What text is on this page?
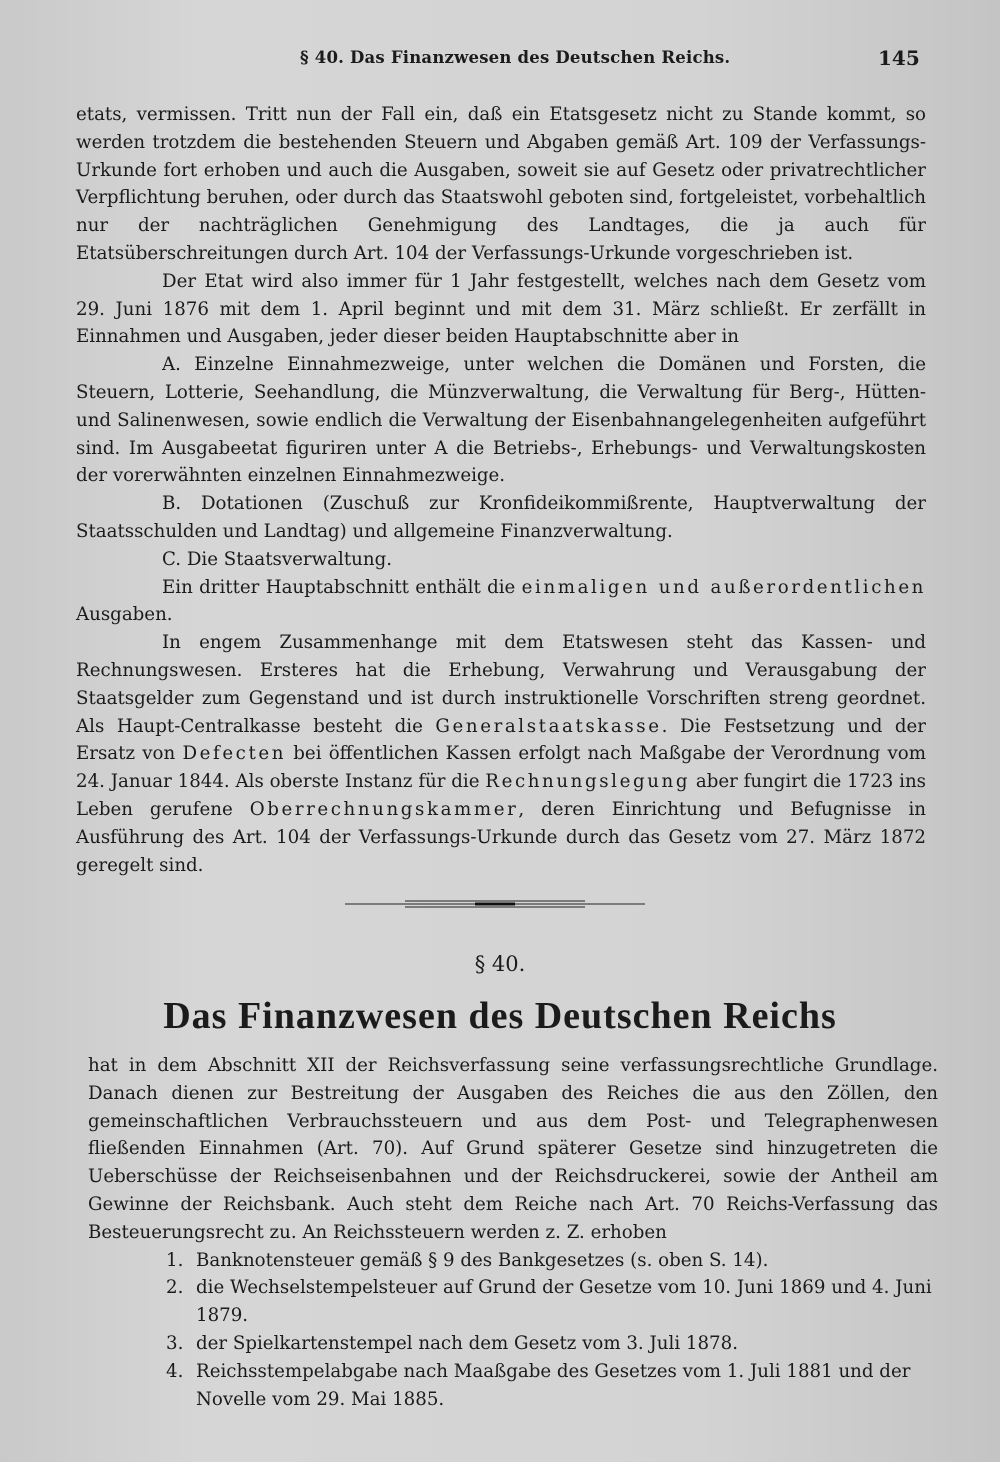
§ 40. Das Finanzwesen des Deutschen Reichs.	145

etats, vermissen. Tritt nun der Fall ein, daß ein Etatsgesetz nicht zu Stande kommt, so werden trotzdem die bestehenden Steuern und Abgaben gemäß Art. 109 der Verfassungs-Urkunde fort erhoben und auch die Ausgaben, soweit sie auf Gesetz oder privatrechtlicher Verpflichtung beruhen, oder durch das Staatswohl geboten sind, fortgeleistet, vorbehaltlich nur der nachträglichen Genehmigung des Landtages, die ja auch für Etatsüberschreitungen durch Art. 104 der Verfassungs-Urkunde vorgeschrieben ist.

Der Etat wird also immer für 1 Jahr festgestellt, welches nach dem Gesetz vom 29. Juni 1876 mit dem 1. April beginnt und mit dem 31. März schließt. Er zerfällt in Einnahmen und Ausgaben, jeder dieser beiden Hauptabschnitte aber in

A. Einzelne Einnahmezweige, unter welchen die Domänen und Forsten, die Steuern, Lotterie, Seehandlung, die Münzverwaltung, die Verwaltung für Berg-, Hütten- und Salinenwesen, sowie endlich die Verwaltung der Eisenbahnangelegenheiten aufgeführt sind. Im Ausgabeetat figuriren unter A die Betriebs-, Erhebungs- und Verwaltungskosten der vorerwähnten einzelnen Einnahmezweige.

B. Dotationen (Zuschuß zur Kronfideikommißrente, Hauptverwaltung der Staatsschulden und Landtag) und allgemeine Finanzverwaltung.

C. Die Staatsverwaltung.

Ein dritter Hauptabschnitt enthält die einmaligen und außerordentlichen Ausgaben.

In engem Zusammenhange mit dem Etatswesen steht das Kassen- und Rechnungswesen. Ersteres hat die Erhebung, Verwahrung und Verausgabung der Staatsgelder zum Gegenstand und ist durch instruktionelle Vorschriften streng geordnet. Als Haupt-Centralkasse besteht die Generalstaatskasse. Die Festsetzung und der Ersatz von Defecten bei öffentlichen Kassen erfolgt nach Maßgabe der Verordnung vom 24. Januar 1844. Als oberste Instanz für die Rechnungslegung aber fungirt die 1723 ins Leben gerufene Oberrechnungskammer, deren Einrichtung und Befugnisse in Ausführung des Art. 104 der Verfassungs-Urkunde durch das Gesetz vom 27. März 1872 geregelt sind.

§ 40.
Das Finanzwesen des Deutschen Reichs

hat in dem Abschnitt XII der Reichsverfassung seine verfassungsrechtliche Grundlage. Danach dienen zur Bestreitung der Ausgaben des Reiches die aus den Zöllen, den gemeinschaftlichen Verbrauchssteuern und aus dem Post- und Telegraphenwesen fließenden Einnahmen (Art. 70). Auf Grund späterer Gesetze sind hinzugetreten die Ueberschüsse der Reichseisenbahnen und der Reichsdruckerei, sowie der Antheil am Gewinne der Reichsbank. Auch steht dem Reiche nach Art. 70 Reichs-Verfassung das Besteuerungsrecht zu. An Reichssteuern werden z. Z. erhoben

1. Banknotensteuer gemäß § 9 des Bankgesetzes (s. oben S. 14).
2. die Wechselstempelsteuer auf Grund der Gesetze vom 10. Juni 1869 und 4. Juni 1879.
3. der Spielkartenstempel nach dem Gesetz vom 3. Juli 1878.
4. Reichsstempelabgabe nach Maaßgabe des Gesetzes vom 1. Juli 1881 und der Novelle vom 29. Mai 1885.
